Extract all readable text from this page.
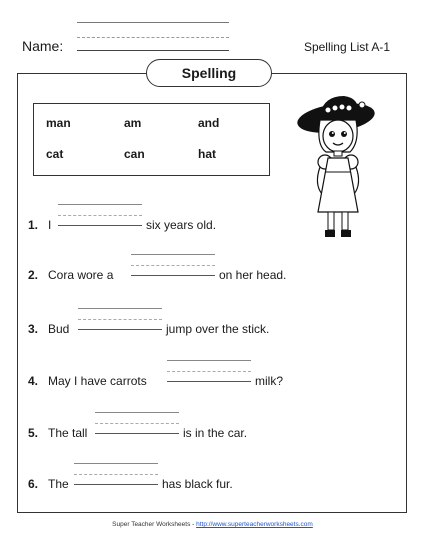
Name:	Spelling List A-1
Spelling
man	am	and
cat	can	hat
1. I	six years old.
2. Cora wore a	on her head.
3. Bud	jump over the stick.
4. May I have carrots	milk?
5. The tall	is in the car.
6. The	has black fur.
Super Teacher Worksheets - http://www.superteacherworksheets.com
